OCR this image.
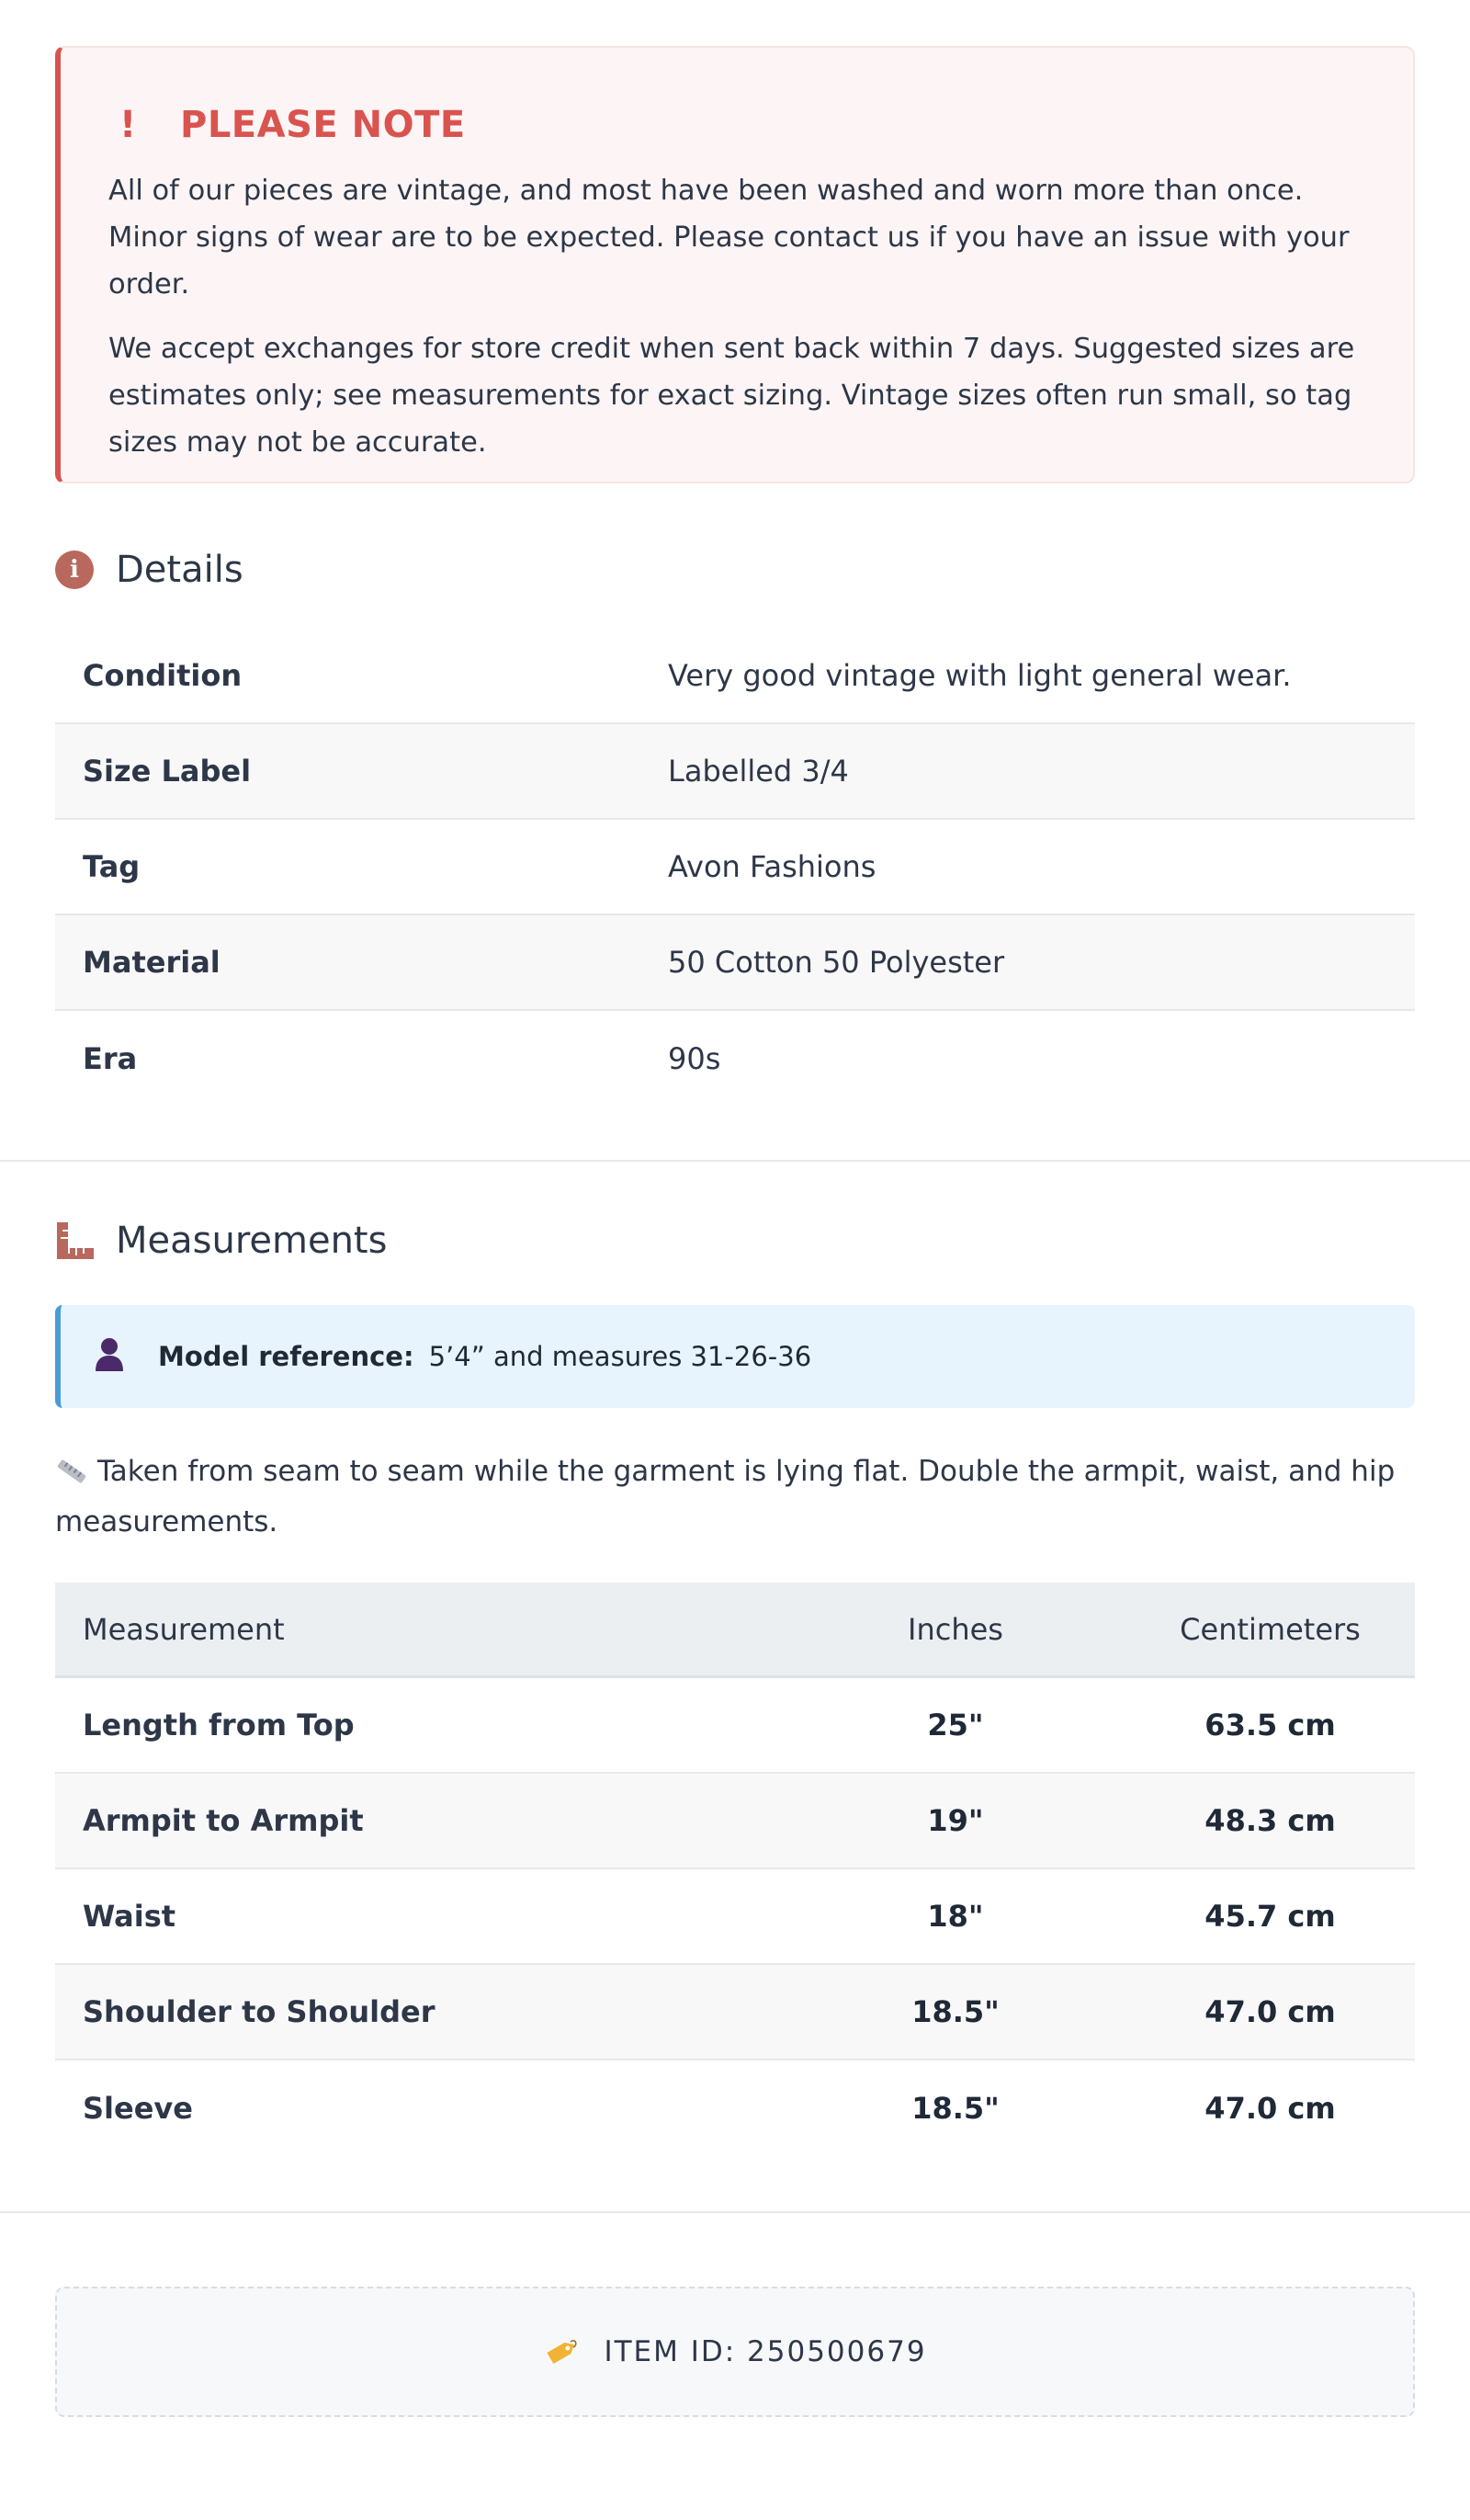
!	PLEASE NOTE

All of our pieces are vintage, and most have been washed and worn more than once. Minor signs of wear are to be expected. Please contact us if you have an issue with your order.

We accept exchanges for store credit when sent back within 7 days. Suggested sizes are estimates only; see measurements for exact sizing. Vintage sizes often run small, so tag sizes may not be accurate.

i	Details
Condition	Very good vintage with light general wear.
Size Label	Labelled 3/4
Tag	Avon Fashions
Material	50 Cotton 50 Polyester
Era	90s
Measurements
Model reference: 5’4” and measures 31-26-36

Taken from seam to seam while the garment is lying flat. Double the armpit, waist, and hip measurements.

Measurement	Inches	Centimeters
Length from Top	25"	63.5 cm
Armpit to Armpit	19"	48.3 cm
Waist	18"	45.7 cm
Shoulder to Shoulder	18.5"	47.0 cm
Sleeve	18.5"	47.0 cm
ITEM ID: 250500679
